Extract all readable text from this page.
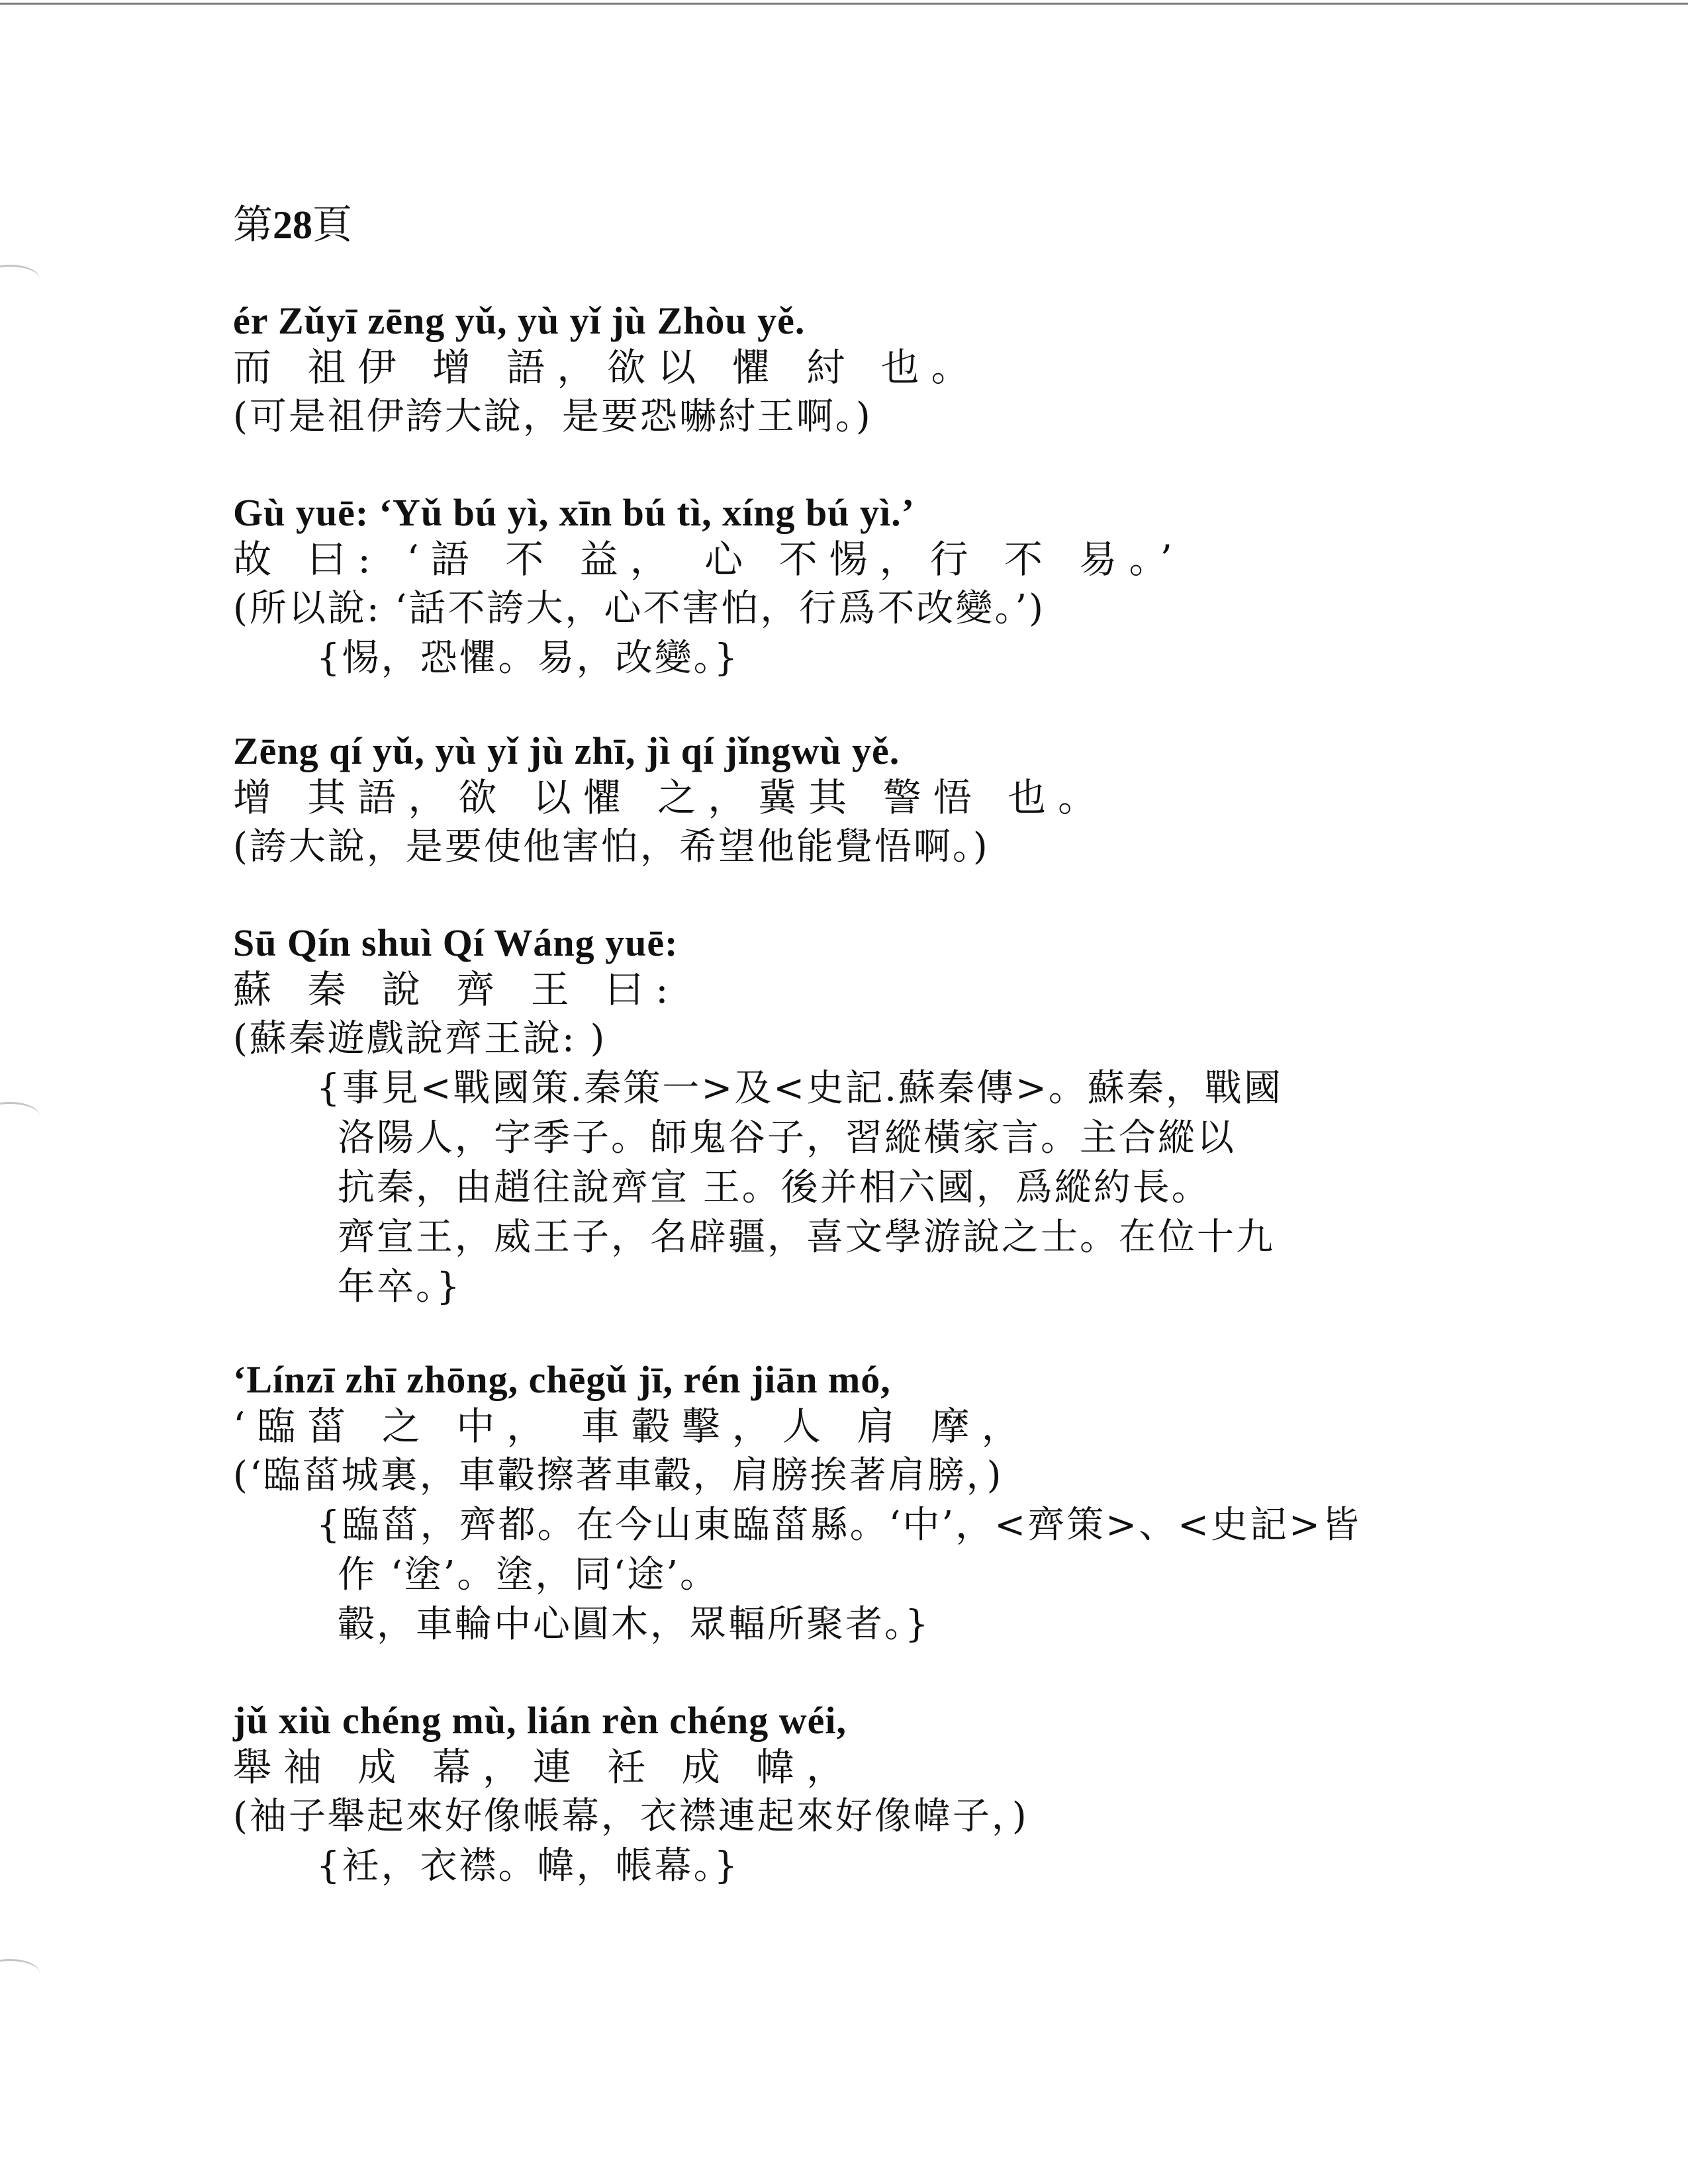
第28頁
ér Zǔyī zēng yǔ, yù yǐ jù Zhòu yě.
而 祖伊 增 語，欲以 懼 紂 也。
(可是祖伊誇大說，是要恐嚇紂王啊。)
Gù yuē: ‘Yǔ bú yì, xīn bú tì, xíng bú yì.’
故 曰: ‘語 不 益， 心 不惕，行 不 易。’
(所以說: ‘話不誇大，心不害怕，行爲不改變。’)
{惕，恐懼。易，改變。}
Zēng qí yǔ, yù yǐ jù zhī, jì qí jǐngwù yě.
增 其語，欲 以懼 之，冀其 警悟 也。
(誇大說，是要使他害怕，希望他能覺悟啊。)
Sū Qín shuì Qí Wáng yuē:
蘇 秦 說 齊 王 曰:
(蘇秦遊戲說齊王說: )
{事見<戰國策.秦策一>及<史記.蘇秦傳>。蘇秦，戰國
洛陽人，字季子。師鬼谷子，習縱橫家言。主合縱以
抗秦，由趙往說齊宣 王。後并相六國，爲縱約長。
齊宣王，威王子，名辟疆，喜文學游說之士。在位十九
年卒。}
‘Línzī zhī zhōng, chēgǔ jī, rén jiān mó,
‘臨菑 之 中， 車轂擊，人 肩 摩，
(‘臨菑城裏，車轂擦著車轂，肩膀挨著肩膀，)
{臨菑，齊都。在今山東臨菑縣。‘中’，<齊策>、<史記>皆
作 ‘塗’。塗，同‘途’。
轂，車輪中心圓木，眾輻所聚者。}
jǔ xiù chéng mù, lián rèn chéng wéi,
舉袖 成 幕，連 衽 成 幃，
(袖子舉起來好像帳幕，衣襟連起來好像幃子，)
{衽，衣襟。幃，帳幕。}
